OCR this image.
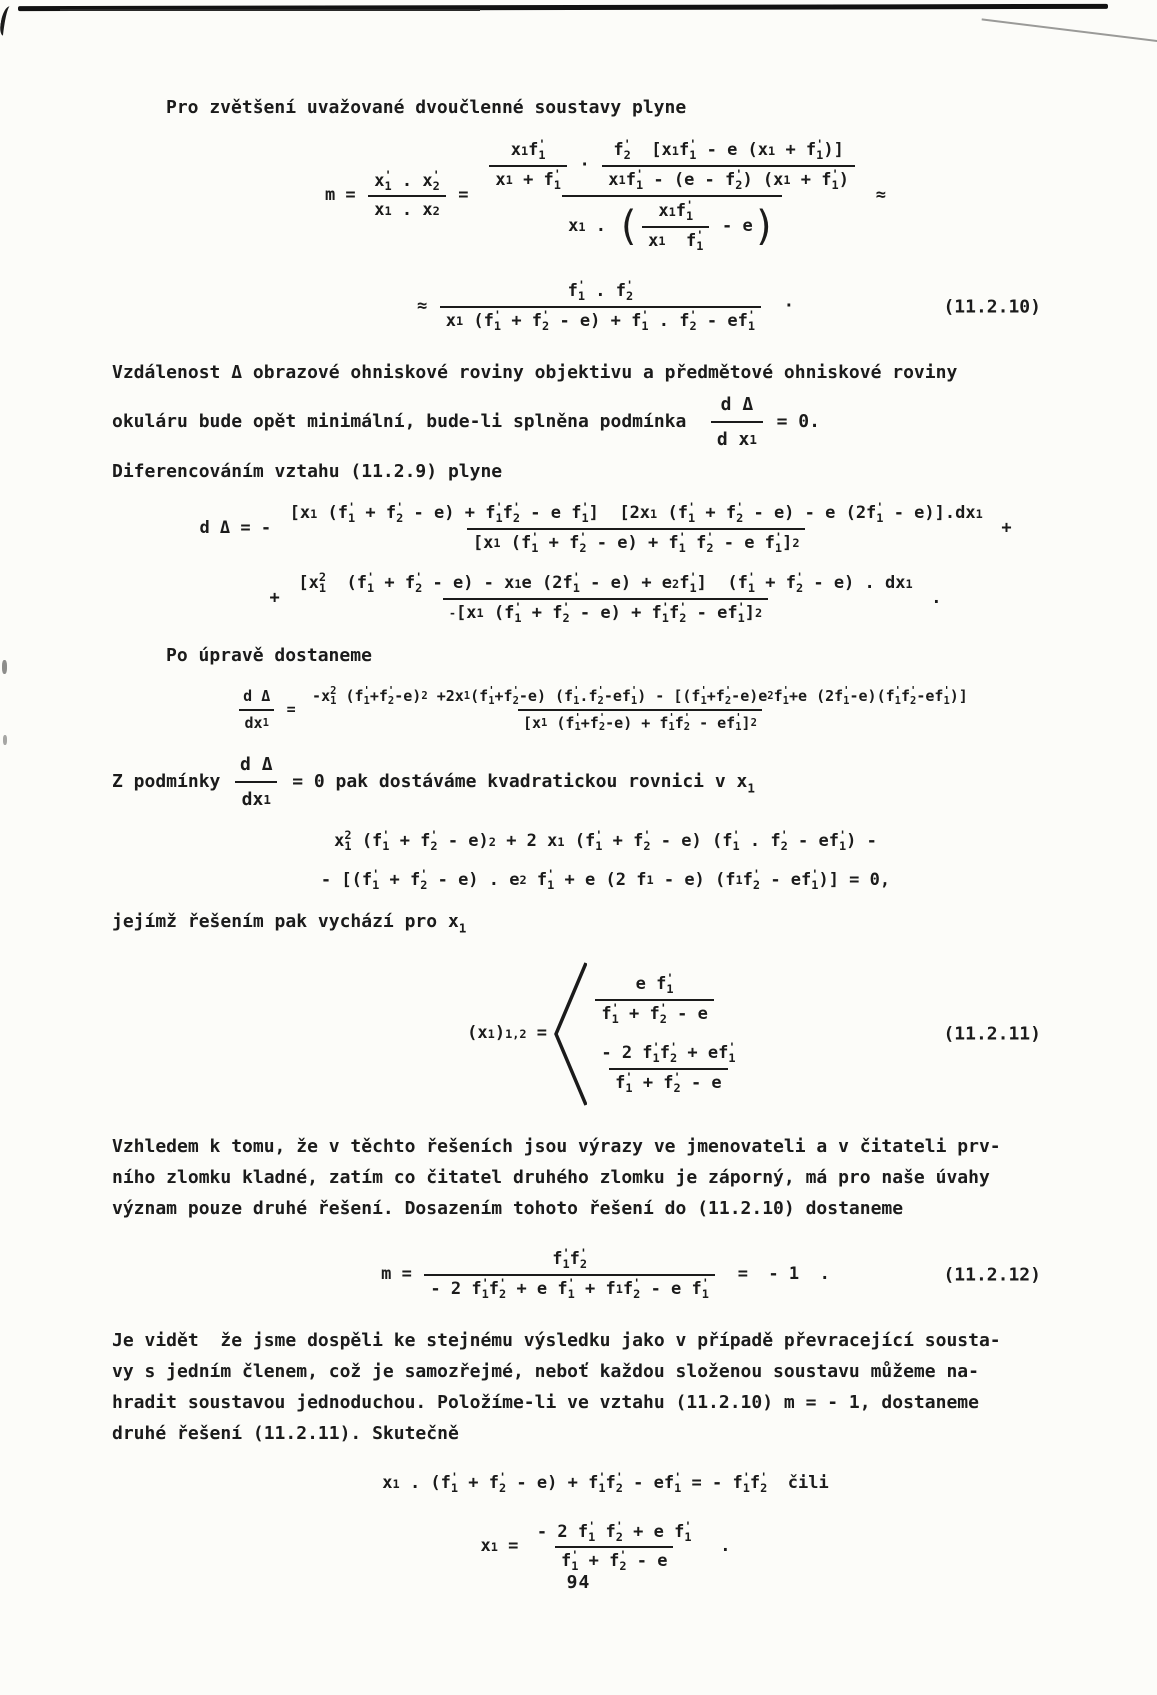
Pro zvětšení uvažované dvoučlenné soustavy plyne
m = x '
1 . x '
2
x 1 . x 2 =
x 1 f '
1
x 1 + f '
1 · f '
2 [x 1 f '
1 - e (x 1 + f '
1 )]
x 1 f '
1 - (e - f '
2 ) (x 1 + f '
1 )
x 1 . ( x 1 f '
1
x 1 f '
1 - e )
≈
≈ f '
1 . f '
2
x 1 (f '
1 + f '
2 - e) + f '
1 . f '
2 - ef '
1 ·	(11.2.10)
Vzdálenost Δ obrazové ohniskové roviny objektivu a předmětové ohniskové roviny
okuláru bude opět minimální, bude-li splněna podmínka $\frac{\text{d Δ}}{\text{d x 1}} = 0$.
Diferencováním vztahu (11.2.9) plyne
d Δ = -
[x 1 (f '
1 + f '
2 - e) + f '
1 f '
2 - e f '
1 ]  [2x 1 (f '
1 + f '
2 - e) - e (2f '
1 - e)].dx 1
[x 1 (f '
1 + f '
2 - e) + f '
1 f '
2 - e f '
1 ] 2
+
+
[x 2
1 (f '
1 + f '
2 - e) - x 1 e (2f '
1 - e) + e 2 f '
1 ]  (f '
1 + f '
2 - e) . dx 1
- [x 1 (f '
1 + f '
2 - e) + f '
1 f '
2 - ef '
1 ] 2
.
Po úpravě dostaneme
$\frac{\text{d Δ}}{dx 1}$ =
-x 2
1 (f '
1 +f '
2 -e) 2 +2x 1 (f '
1 +f '
2 -e) (f '
1 .f '
2 -ef '
1 ) - [(f '
1 +f '
2 -e)e 2 f '
1 +e (2f '
1 -e)(f '
1 f '
2 -ef '
1 )]
[x 1 (f '
1 +f '
2 -e) + f '
1 f '
2 - ef '
1 ] 2
Z podmínky $\frac{\text{d Δ}}{dx 1} = 0$ pak dostáváme kvadratickou rovnici v $x_1$
x 2
1 (f '
1 + f '
2 - e) 2 + 2 x 1 (f '
1 + f '
2 - e) (f '
1 . f '
2 - ef '
1 ) -
- [(f '
1 + f '
2 - e) . e 2 f '
1 + e (2 f 1 - e) (f 1 f '
2 - ef '
1 )] = 0,
jejímž řešením pak vychází pro $x_1$
(x 1 ) 1,2 =
e f '
1
f '
1 + f '
2 - e
- 2 f '
1 f '
2 + ef '
1
f '
1 + f '
2 - e
(11.2.11)
Vzhledem k tomu, že v těchto řešeních jsou výrazy ve jmenovateli a v čitateli prv-
ního zlomku kladné, zatím co čitatel druhého zlomku je záporný, má pro naše úvahy
význam pouze druhé řešení. Dosazením tohoto řešení do (11.2.10) dostaneme
m = f '
1 f '
2
- 2 f '
1 f '
2 + e f '
1 + f 1 f '
2 - e f '
1 =  - 1  .	(11.2.12)
Je vidět  že jsme dospěli ke stejnému výsledku jako v případě převracející sousta-
vy s jedním členem, což je samozřejmé, neboť každou složenou soustavu můžeme na-
hradit soustavou jednoduchou. Položíme-li ve vztahu (11.2.10) m = - 1, dostaneme
druhé řešení (11.2.11). Skutečně
x 1 . (f '
1 + f '
2 - e) + f '
1 f '
2 - ef '
1 = - f '
1 f '
2 čili
x 1 = - 2 f '
1 f '
2 + e f '
1
f '
1 + f '
2 - e .
94
